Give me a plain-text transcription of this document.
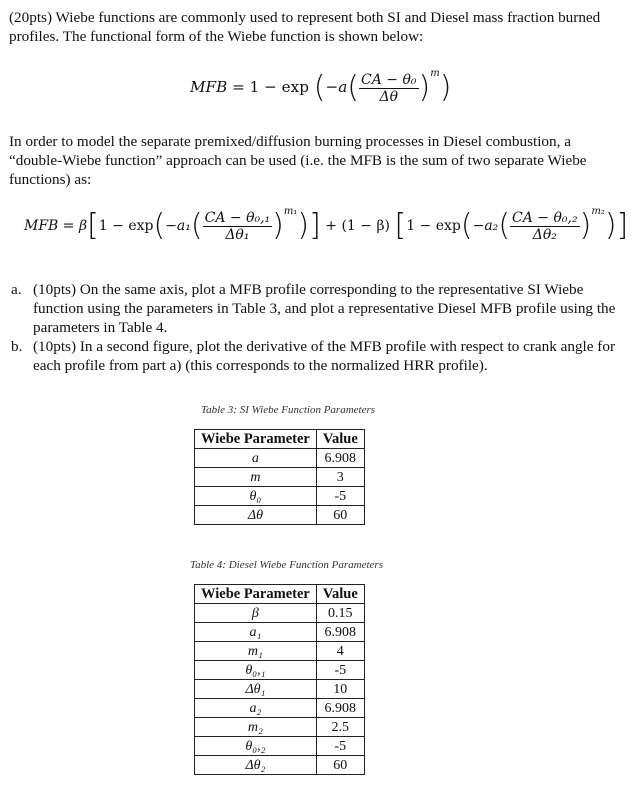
(20pts) Wiebe functions are commonly used to represent both SI and Diesel mass fraction burned profiles. The functional form of the Wiebe function is shown below:
MFB = $1 - \exp (-a( \frac{\text{CA − θ₀}}{\Delta\theta} )^m)$
In order to model the separate premixed/diffusion burning processes in Diesel combustion, a “double-Wiebe function” approach can be used (i.e. the MFB is the sum of two separate Wiebe functions) as:
MFB = $\beta[1 - \exp(-a_1( \frac{\text{CA − θ₀,₁}}{\text{Δθ₁}} )^{m_1})] + (1 - \beta)$ $[1 - \exp(-a_2( \frac{\text{CA − θ₀,₂}}{\text{Δθ₂}} )^{m_2})]$
a. (10pts) On the same axis, plot a MFB profile corresponding to the representative SI Wiebe function using the parameters in Table 3, and plot a representative Diesel MFB profile using the parameters in Table 4.
b. (10pts) In a second figure, plot the derivative of the MFB profile with respect to crank angle for each profile from part a) (this corresponds to the normalized HRR profile).
Table 3: SI Wiebe Function Parameters
Wiebe Parameter	Value
a	6.908
m	3
θ₀	-5
Δθ	60
Table 4: Diesel Wiebe Function Parameters
Wiebe Parameter	Value
β	0.15
a₁	6.908
m₁	4
θ₀,₁	-5
Δθ₁	10
a₂	6.908
m₂	2.5
θ₀,₂	-5
Δθ₂	60
